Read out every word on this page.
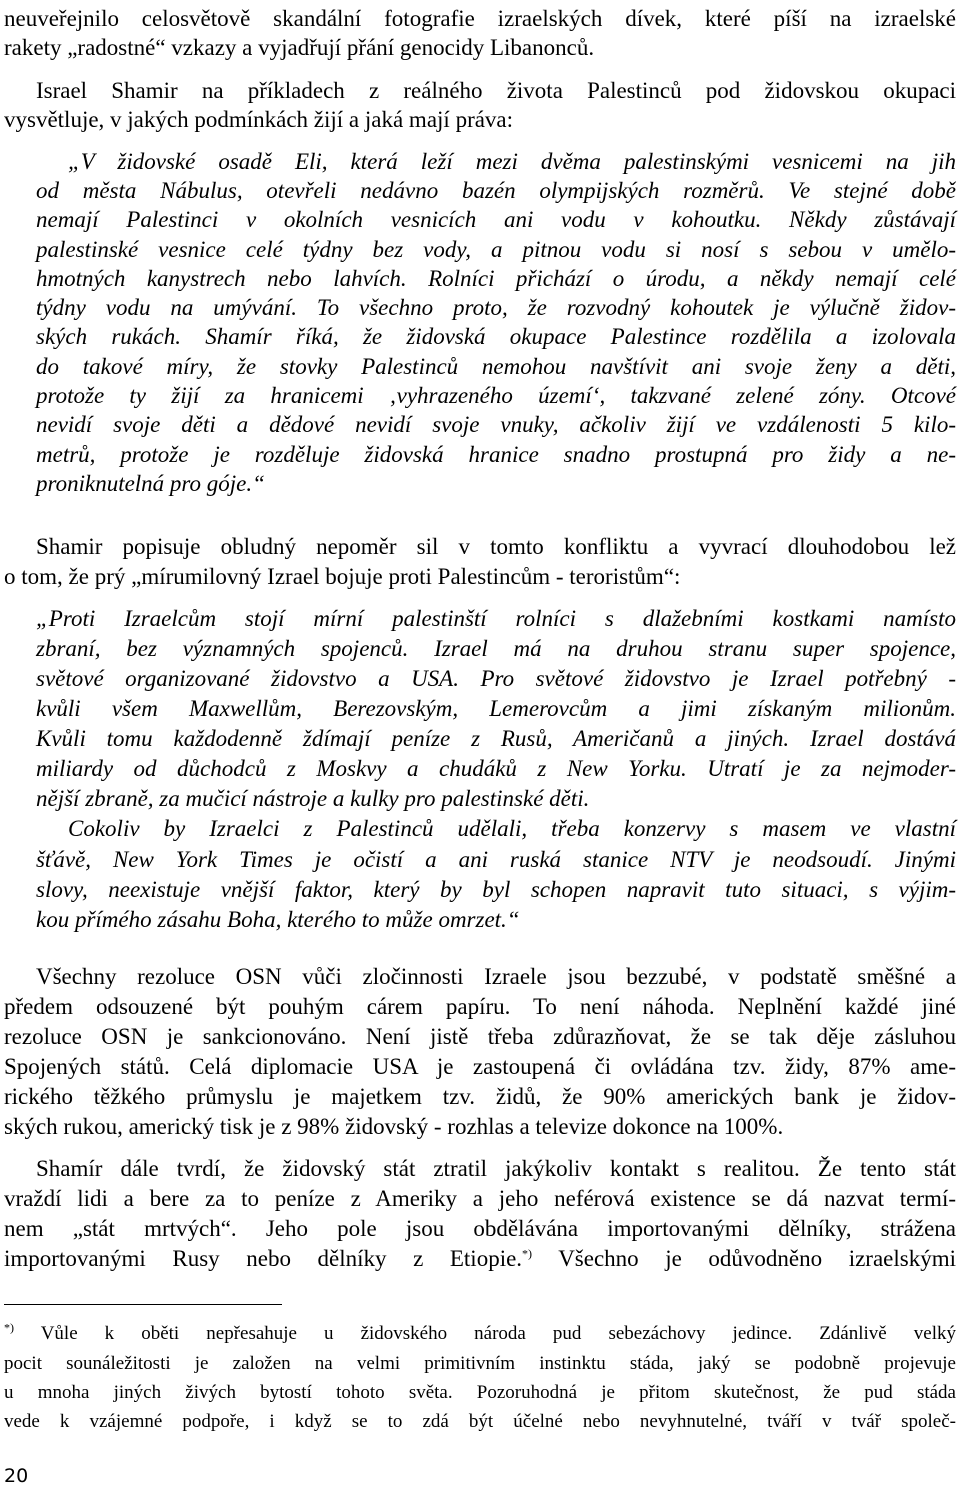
neuveřejnilo celosvětově skandální fotografie izraelských dívek, které píší na izraelské
rakety „radostné“ vzkazy a vyjadřují přání genocidy Libanonců.
Israel Shamir na příkladech z reálného života Palestinců pod židovskou okupaci
vysvětluje, v jakých podmínkách žijí a jaká mají práva:
„V židovské osadě Eli, která leží mezi dvěma palestinskými vesnicemi na jih
od města Nábulus, otevřeli nedávno bazén olympijských rozměrů. Ve stejné době
nemají Palestinci v okolních vesnicích ani vodu v kohoutku. Někdy zůstávají
palestinské vesnice celé týdny bez vody, a pitnou vodu si nosí s sebou v umělo-
hmotných kanystrech nebo lahvích. Rolníci přichází o úrodu, a někdy nemají celé
týdny vodu na umývání. To všechno proto, že rozvodný kohoutek je výlučně židov-
ských rukách. Shamír říká, že židovská okupace Palestince rozdělila a izolovala
do takové míry, že stovky Palestinců nemohou navštívit ani svoje ženy a děti,
protože ty žijí za hranicemi ‚vyhrazeného území‘, takzvané zelené zóny. Otcové
nevidí svoje děti a dědové nevidí svoje vnuky, ačkoliv žijí ve vzdálenosti 5 kilo-
metrů, protože je rozděluje židovská hranice snadno prostupná pro židy a ne-
proniknutelná pro góje.“
Shamir popisuje obludný nepoměr sil v tomto konfliktu a vyvrací dlouhodobou lež
o tom, že prý „mírumilovný Izrael bojuje proti Palestincům - teroristům“:
„Proti Izraelcům stojí mírní palestinští rolníci s dlažebními kostkami namísto
zbraní, bez významných spojenců. Izrael má na druhou stranu super spojence,
světové organizované židovstvo a USA. Pro světové židovstvo je Izrael potřebný -
kvůli všem Maxwellům, Berezovským, Lemerovcům a jimi získaným milionům.
Kvůli tomu každodenně ždímají peníze z Rusů, Američanů a jiných. Izrael dostává
miliardy od důchodců z Moskvy a chudáků z New Yorku. Utratí je za nejmoder-
nější zbraně, za mučicí nástroje a kulky pro palestinské děti.
Cokoliv by Izraelci z Palestinců udělali, třeba konzervy s masem ve vlastní
šťávě, New York Times je očistí a ani ruská stanice NTV je neodsoudí. Jinými
slovy, neexistuje vnější faktor, který by byl schopen napravit tuto situaci, s výjim-
kou přímého zásahu Boha, kterého to může omrzet.“
Všechny rezoluce OSN vůči zločinnosti Izraele jsou bezzubé, v podstatě směšné a
předem odsouzené být pouhým cárem papíru. To není náhoda. Neplnění každé jiné
rezoluce OSN je sankcionováno. Není jistě třeba zdůrazňovat, že se tak děje zásluhou
Spojených států. Celá diplomacie USA je zastoupená či ovládána tzv. židy, 87% ame-
rického těžkého průmyslu je majetkem tzv. židů, že 90% amerických bank je židov-
ských rukou, americký tisk je z 98% židovský - rozhlas a televize dokonce na 100%.
Shamír dále tvrdí, že židovský stát ztratil jakýkoliv kontakt s realitou. Že tento stát
vraždí lidi a bere za to peníze z Ameriky a jeho neférová existence se dá nazvat termí-
nem „stát mrtvých“. Jeho pole jsou obdělávána importovanými dělníky, strážena
importovanými Rusy nebo dělníky z Etiopie.*) Všechno je odůvodněno izraelskými
*) Vůle k oběti nepřesahuje u židovského národa pud sebezáchovy jedince. Zdánlivě velký
pocit sounáležitosti je založen na velmi primitivním instinktu stáda, jaký se podobně projevuje
u mnoha jiných živých bytostí tohoto světa. Pozoruhodná je přitom skutečnost, že pud stáda
vede k vzájemné podpoře, i když se to zdá být účelné nebo nevyhnutelné, tváří v tvář společ-
20
